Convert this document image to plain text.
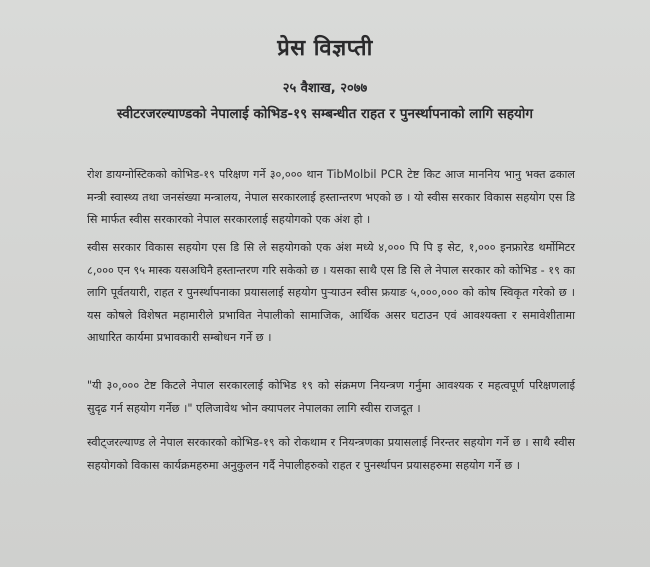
प्रेस विज्ञप्ती
२५ वैशाख, २०७७
स्वीटरजरल्याण्डको नेपालाई कोभिड-१९ सम्बन्धीत राहत र पुनर्स्थापनाको लागि सहयोग

रोश डायग्नोस्टिकको कोभिड-१९ परिक्षण गर्ने ३०,००० थान TibMolbil PCR टेष्ट किट आज माननिय भानु भक्त ढकाल मन्त्री स्वास्थ्य तथा जनसंख्या मन्त्रालय, नेपाल सरकारलाई हस्तान्तरण भएको छ । यो स्वीस सरकार विकास सहयोग एस डि सि मार्फत स्वीस सरकारको नेपाल सरकारलाई सहयोगको एक अंश हो ।

स्वीस सरकार विकास सहयोग एस डि सि ले सहयोगको एक अंश मध्ये ४,००० पि पि इ सेट, १,००० इनफ्रारेड थर्मोमिटर ८,००० एन ९५ मास्क यसअघिनै हस्तान्तरण गरि सकेको छ । यसका साथै एस डि सि ले नेपाल सरकार को कोभिड - १९ का लागि पूर्वतयारी, राहत र पुनर्स्थापनाका प्रयासलाई सहयोग पुर्‍याउन स्वीस फ्रयाङ ५,०००,००० को कोष स्विकृत गरेको छ । यस कोषले विशेषत महामारीले प्रभावित नेपालीको सामाजिक, आर्थिक असर घटाउन एवं आवश्यक्ता र समावेशीतामा आधारित कार्यमा प्रभावकारी सम्बोधन गर्ने छ ।

"यी ३०,००० टेष्ट किटले नेपाल सरकारलाई कोभिड १९ को संक्रमण नियन्त्रण गर्नुमा आवश्यक र महत्वपूर्ण परिक्षणलाई सुदृढ गर्न सहयोग गर्नेछ ।" एलिजावेथ भोन क्यापलर नेपालका लागि स्वीस राजदूत ।

स्वीट्जरल्याण्ड ले नेपाल सरकारको कोभिड-१९ को रोकथाम र नियन्त्रणका प्रयासलाई निरन्तर सहयोग गर्ने छ । साथै स्वीस सहयोगको विकास कार्यक्रमहरुमा अनुकुलन गर्दै नेपालीहरुको राहत र पुनर्स्थापन प्रयासहरुमा सहयोग गर्ने छ ।
